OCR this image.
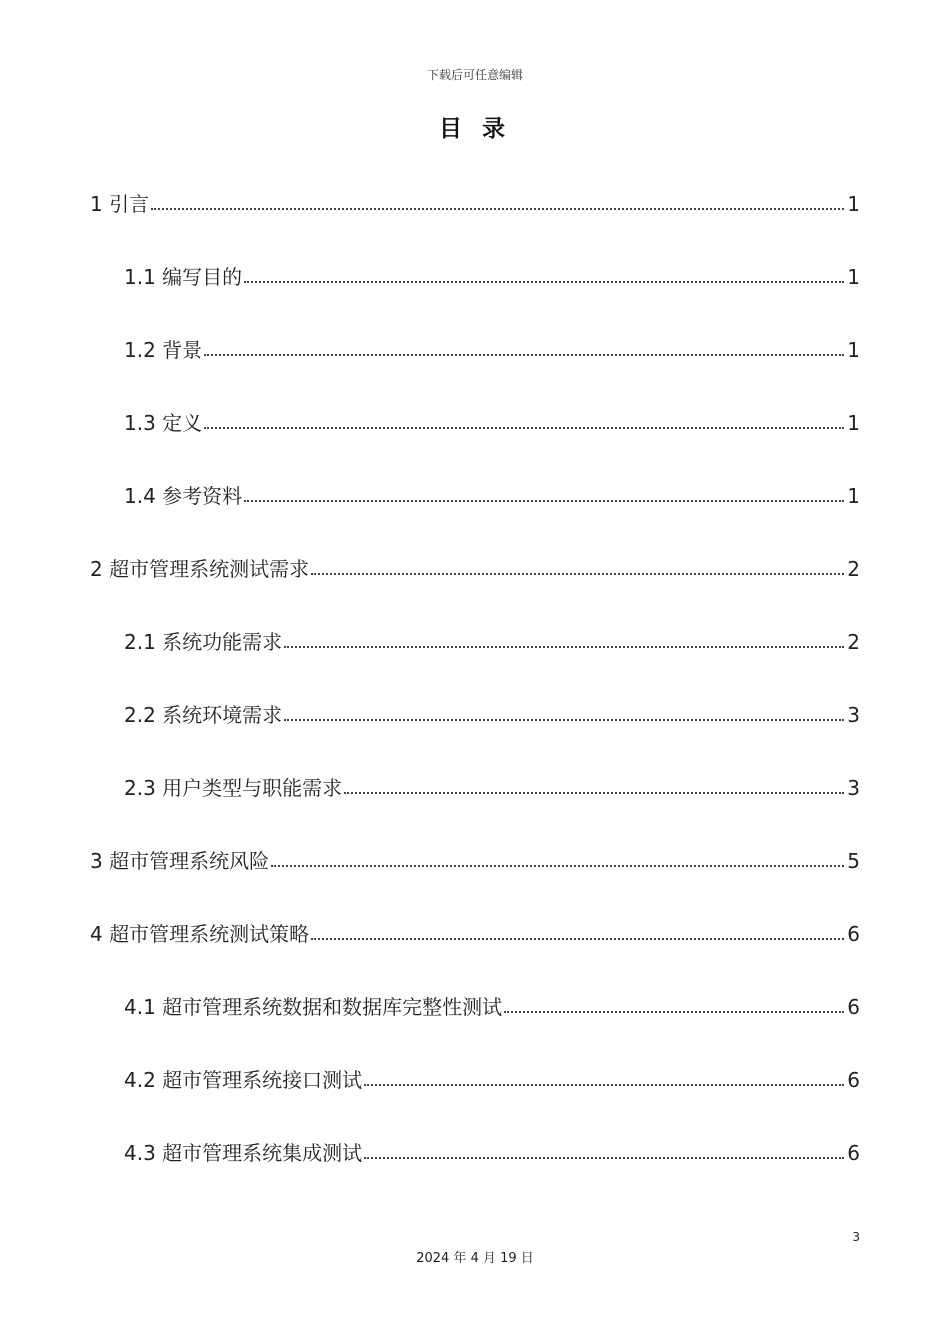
下载后可任意编辑
目 录
1 引言	1
1.1 编写目的	1
1.2 背景	1
1.3 定义	1
1.4 参考资料	1
2 超市管理系统测试需求	2
2.1 系统功能需求	2
2.2 系统环境需求	3
2.3 用户类型与职能需求	3
3 超市管理系统风险	5
4 超市管理系统测试策略	6
4.1 超市管理系统数据和数据库完整性测试	6
4.2 超市管理系统接口测试	6
4.3 超市管理系统集成测试	6
3
2024 年 4 月 19 日
